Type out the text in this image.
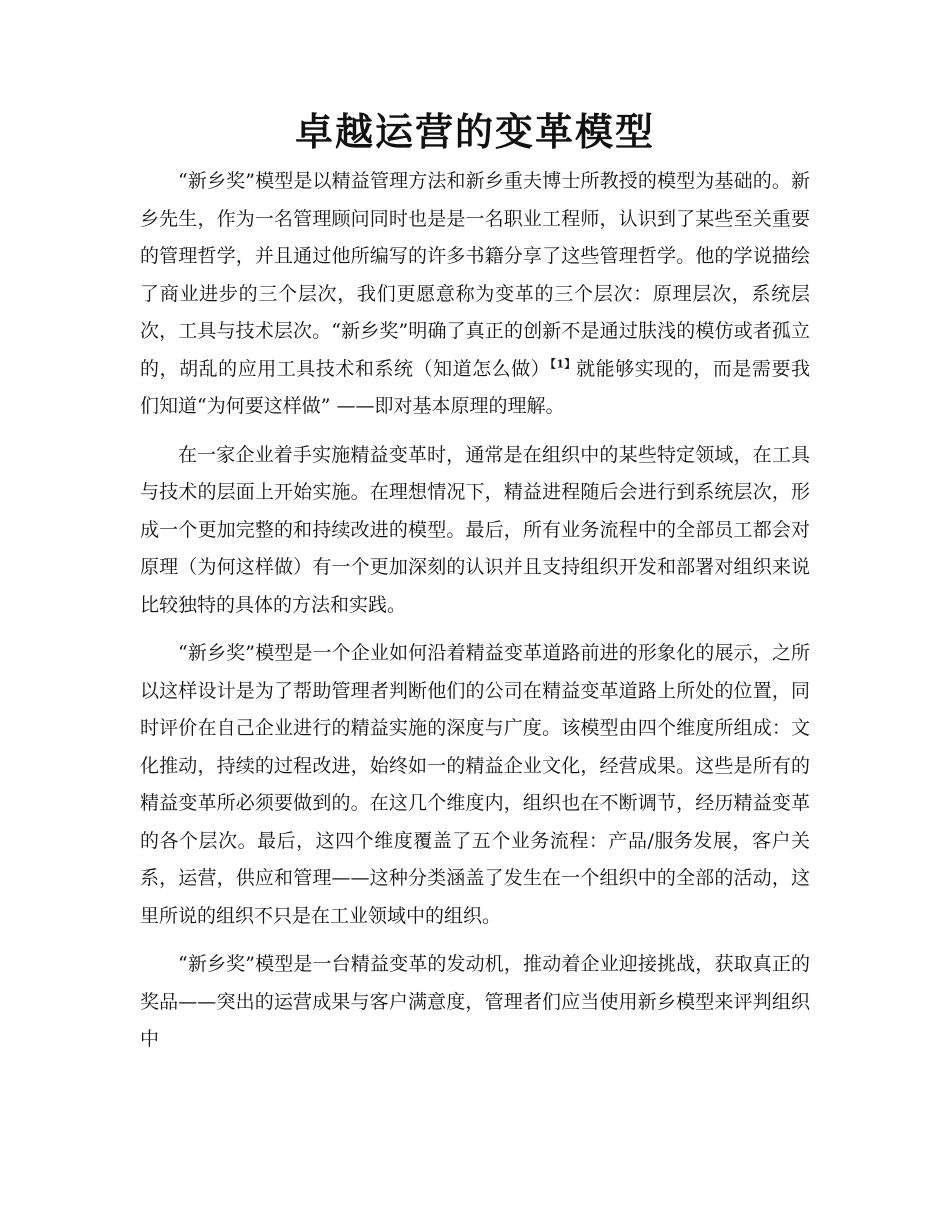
卓越运营的变革模型

“新乡奖”模型是以精益管理方法和新乡重夫博士所教授的模型为基础的。新乡先生，作为一名管理顾问同时也是是一名职业工程师，认识到了某些至关重要的管理哲学，并且通过他所编写的许多书籍分享了这些管理哲学。他的学说描绘了商业进步的三个层次，我们更愿意称为变革的三个层次：原理层次，系统层次，工具与技术层次。“新乡奖”明确了真正的创新不是通过肤浅的模仿或者孤立的，胡乱的应用工具技术和系统（知道怎么做）$^{【1】}$就能够实现的，而是需要我们知道“为何要这样做” ——即对基本原理的理解。

在一家企业着手实施精益变革时，通常是在组织中的某些特定领域，在工具与技术的层面上开始实施。在理想情况下，精益进程随后会进行到系统层次，形成一个更加完整的和持续改进的模型。最后，所有业务流程中的全部员工都会对原理（为何这样做）有一个更加深刻的认识并且支持组织开发和部署对组织来说比较独特的具体的方法和实践。

“新乡奖”模型是一个企业如何沿着精益变革道路前进的形象化的展示，之所以这样设计是为了帮助管理者判断他们的公司在精益变革道路上所处的位置，同时评价在自己企业进行的精益实施的深度与广度。该模型由四个维度所组成：文化推动，持续的过程改进，始终如一的精益企业文化，经营成果。这些是所有的精益变革所必须要做到的。在这几个维度内，组织也在不断调节，经历精益变革的各个层次。最后，这四个维度覆盖了五个业务流程：产品/服务发展，客户关系，运营，供应和管理——这种分类涵盖了发生在一个组织中的全部的活动，这里所说的组织不只是在工业领域中的组织。

“新乡奖”模型是一台精益变革的发动机，推动着企业迎接挑战，获取真正的奖品——突出的运营成果与客户满意度，管理者们应当使用新乡模型来评判组织中
